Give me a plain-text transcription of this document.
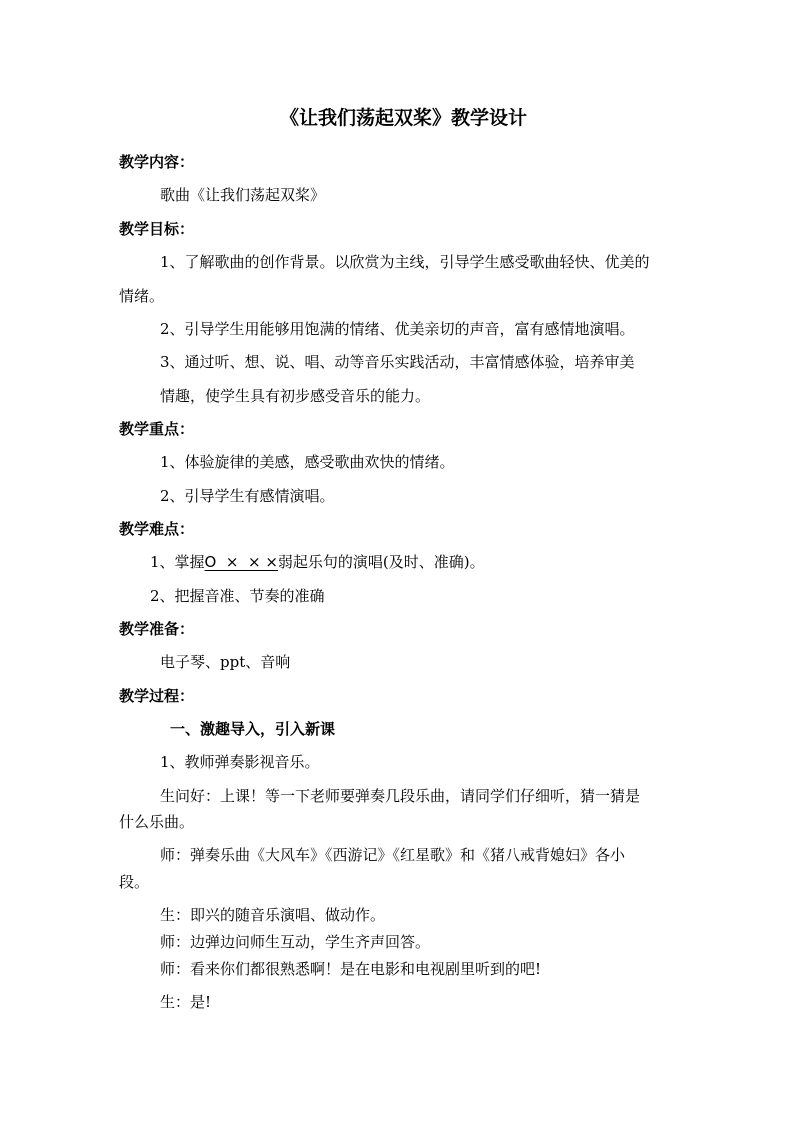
《让我们荡起双桨》教学设计
教学内容：
歌曲《让我们荡起双桨》
教学目标：
1、了解歌曲的创作背景。以欣赏为主线，引导学生感受歌曲轻快、优美的
情绪。
2、引导学生用能够用饱满的情绪、优美亲切的声音，富有感情地演唱。
3、通过听、想、说、唱、动等音乐实践活动，丰富情感体验，培养审美
情趣，使学生具有初步感受音乐的能力。
教学重点：
1、体验旋律的美感，感受歌曲欢快的情绪。
2、引导学生有感情演唱。
教学难点：
1、掌握O  ×  × ×弱起乐句的演唱(及时、准确)。
2、把握音准、节奏的准确
教学准备：
电子琴、ppt、音响
教学过程：
一、激趣导入，引入新课
1、教师弹奏影视音乐。
生问好：上课！等一下老师要弹奏几段乐曲，请同学们仔细听，猜一猜是
什么乐曲。
师：弹奏乐曲《大风车》《西游记》《红星歌》和《猪八戒背媳妇》各小
段。
生：即兴的随音乐演唱、做动作。
师：边弹边问师生互动，学生齐声回答。
师：看来你们都很熟悉啊！是在电影和电视剧里听到的吧!
生：是!
